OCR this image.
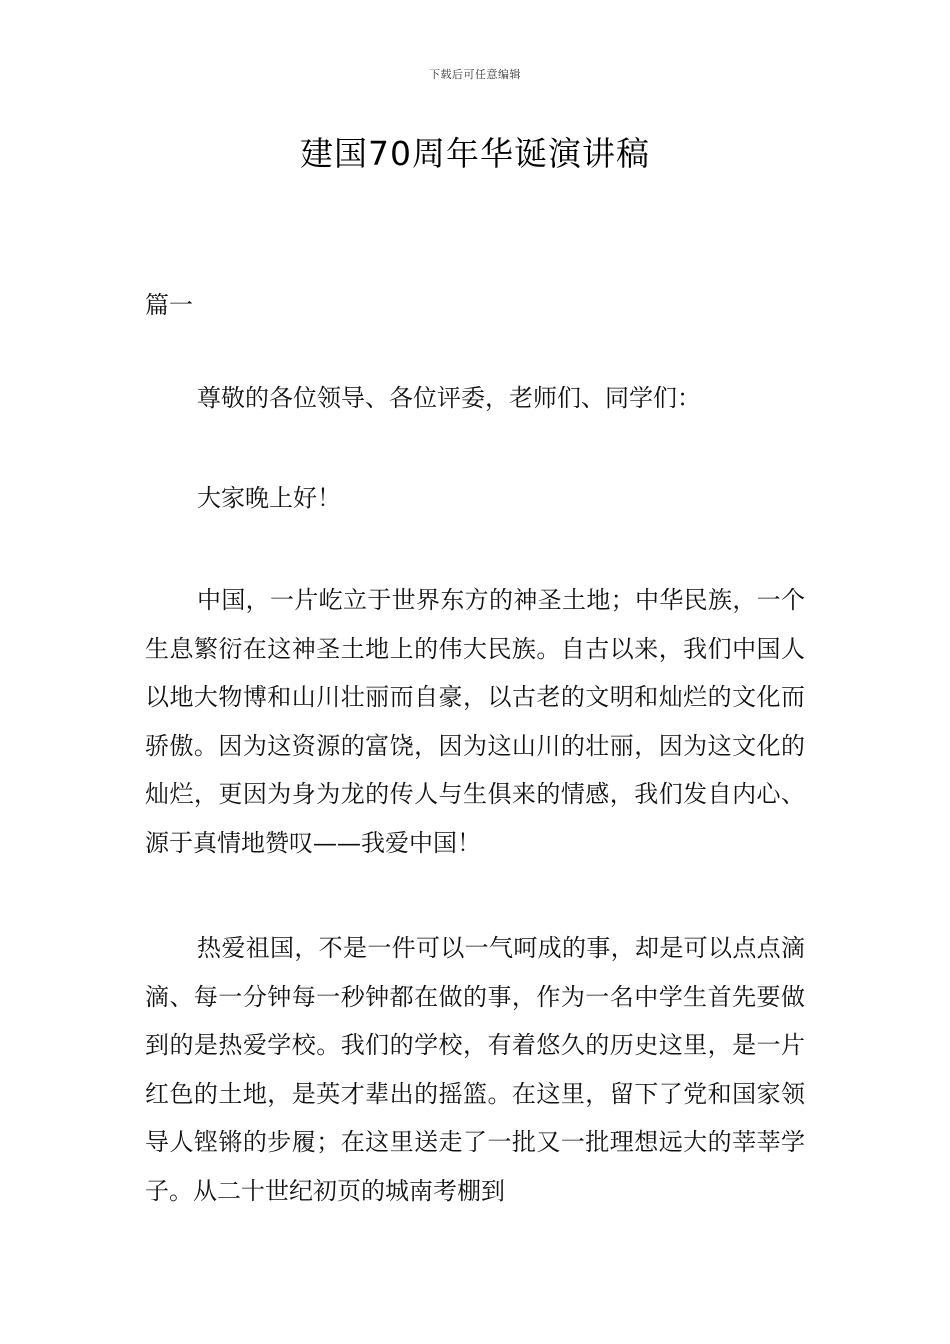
下载后可任意编辑
建国70周年华诞演讲稿
篇一

尊敬的各位领导、各位评委，老师们、同学们：

大家晚上好！

中国，一片屹立于世界东方的神圣土地；中华民族，一个生息繁衍在这神圣土地上的伟大民族。自古以来，我们中国人以地大物博和山川壮丽而自豪，以古老的文明和灿烂的文化而骄傲。因为这资源的富饶，因为这山川的壮丽，因为这文化的灿烂，更因为身为龙的传人与生俱来的情感，我们发自内心、源于真情地赞叹——我爱中国！

热爱祖国，不是一件可以一气呵成的事，却是可以点点滴滴、每一分钟每一秒钟都在做的事，作为一名中学生首先要做到的是热爱学校。我们的学校，有着悠久的历史这里，是一片红色的土地，是英才辈出的摇篮。在这里，留下了党和国家领导人铿锵的步履；在这里送走了一批又一批理想远大的莘莘学子。从二十世纪初页的城南考棚到
